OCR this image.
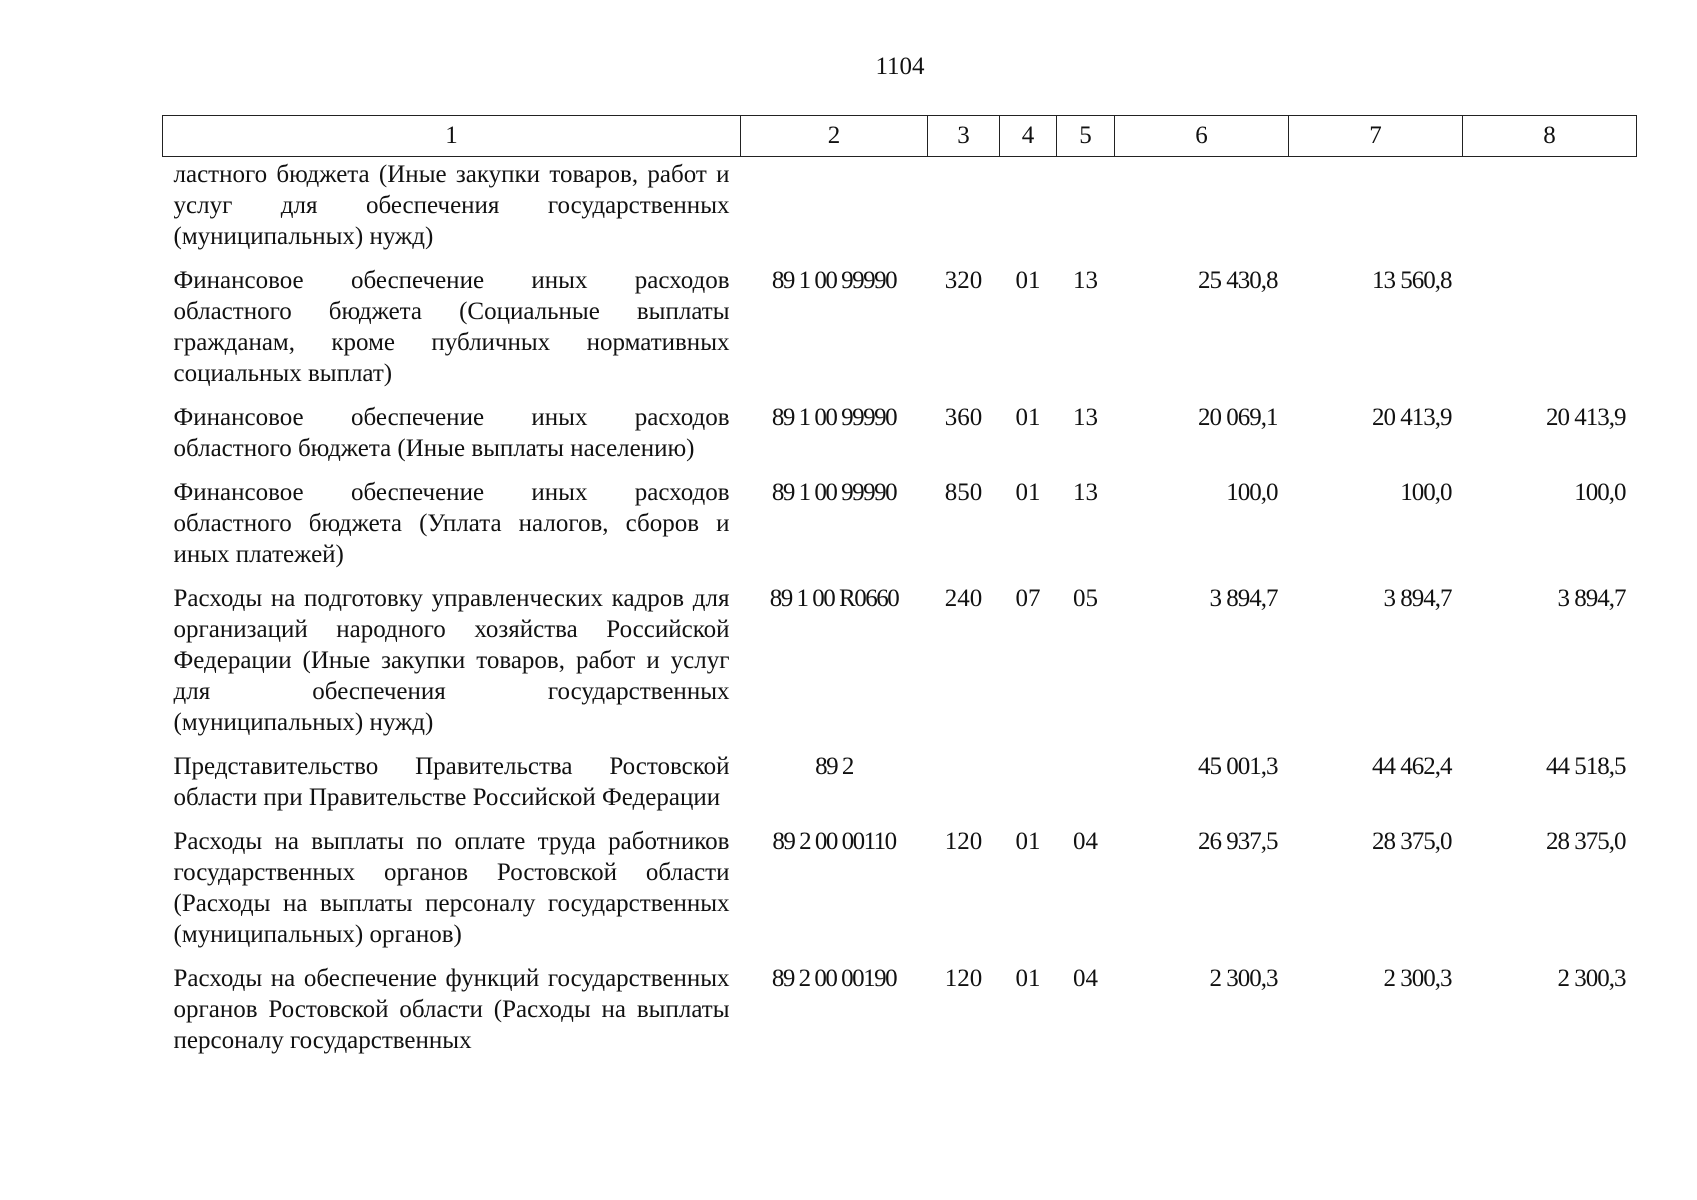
1104
1	2	3	4	5	6	7	8
ластного бюджета (Иные закупки товаров, работ и услуг для обеспечения государственных (муниципальных) нужд)							
Финансовое обеспечение иных расходов областного бюджета (Социальные выплаты гражданам, кроме публичных нормативных социальных выплат)	89 1 00 99990	320	01	13	25 430,8	13 560,8	
Финансовое обеспечение иных расходов областного бюджета (Иные выплаты населению)	89 1 00 99990	360	01	13	20 069,1	20 413,9	20 413,9
Финансовое обеспечение иных расходов областного бюджета (Уплата налогов, сборов и иных платежей)	89 1 00 99990	850	01	13	100,0	100,0	100,0
Расходы на подготовку управленческих кадров для организаций народного хозяйства Российской Федерации (Иные закупки товаров, работ и услуг для обеспечения государственных (муниципальных) нужд)	89 1 00 R0660	240	07	05	3 894,7	3 894,7	3 894,7
Представительство Правительства Ростовской области при Правительстве Российской Федерации	89 2				45 001,3	44 462,4	44 518,5
Расходы на выплаты по оплате труда работников государственных органов Ростовской области (Расходы на выплаты персоналу государственных (муниципальных) органов)	89 2 00 00110	120	01	04	26 937,5	28 375,0	28 375,0
Расходы на обеспечение функций государственных органов Ростовской области (Расходы на выплаты персоналу государственных	89 2 00 00190	120	01	04	2 300,3	2 300,3	2 300,3
